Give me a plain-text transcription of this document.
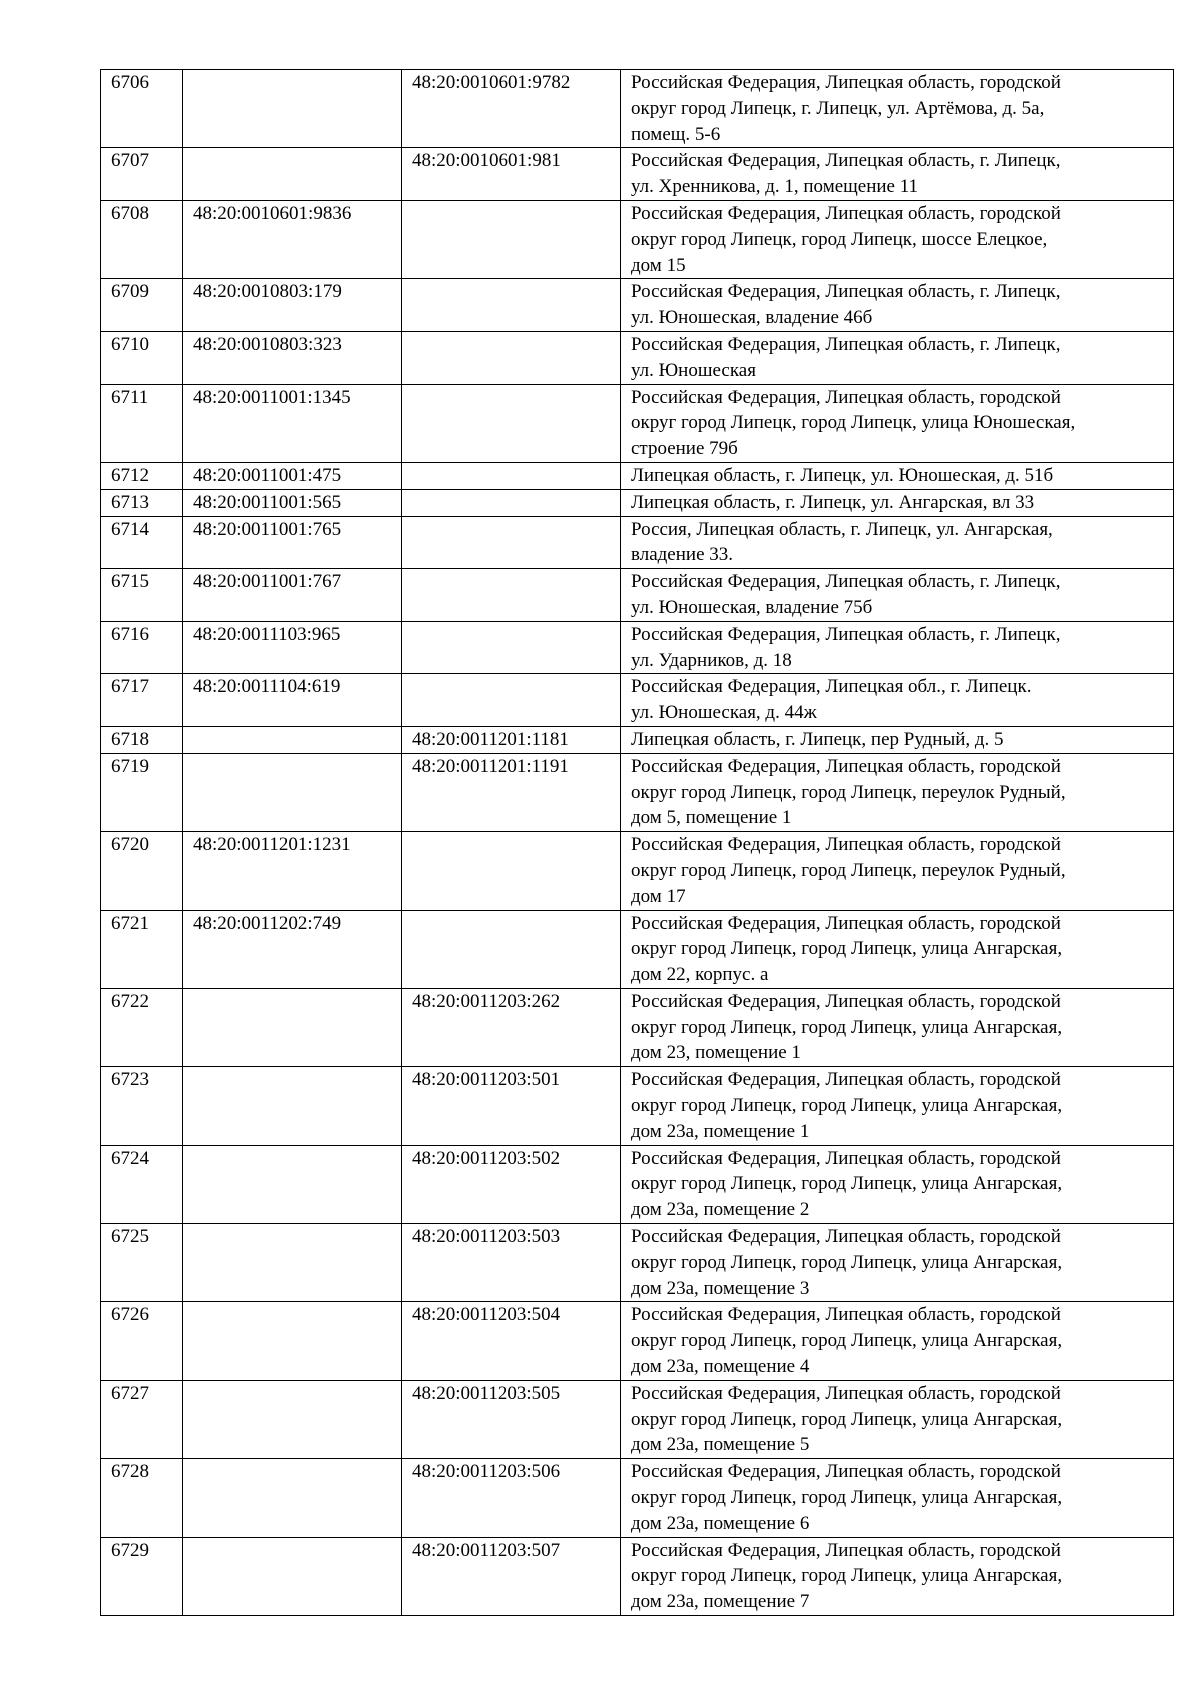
6706		48:20:0010601:9782	Российская Федерация, Липецкая область, городской
округ город Липецк, г. Липецк, ул. Артёмова, д. 5а,
помещ. 5-6
6707		48:20:0010601:981	Российская Федерация, Липецкая область, г. Липецк,
ул. Хренникова, д. 1, помещение 11
6708	48:20:0010601:9836		Российская Федерация, Липецкая область, городской
округ город Липецк, город Липецк, шоссе Елецкое,
дом 15
6709	48:20:0010803:179		Российская Федерация, Липецкая область, г. Липецк,
ул. Юношеская, владение 46б
6710	48:20:0010803:323		Российская Федерация, Липецкая область, г. Липецк,
ул. Юношеская
6711	48:20:0011001:1345		Российская Федерация, Липецкая область, городской
округ город Липецк, город Липецк, улица Юношеская,
строение 79б
6712	48:20:0011001:475		Липецкая область, г. Липецк, ул. Юношеская, д. 51б
6713	48:20:0011001:565		Липецкая область, г. Липецк, ул. Ангарская, вл 33
6714	48:20:0011001:765		Россия, Липецкая область, г. Липецк, ул. Ангарская,
владение 33.
6715	48:20:0011001:767		Российская Федерация, Липецкая область, г. Липецк,
ул. Юношеская, владение 75б
6716	48:20:0011103:965		Российская Федерация, Липецкая область, г. Липецк,
ул. Ударников, д. 18
6717	48:20:0011104:619		Российская Федерация, Липецкая обл., г. Липецк.
ул. Юношеская, д. 44ж
6718		48:20:0011201:1181	Липецкая область, г. Липецк, пер Рудный, д. 5
6719		48:20:0011201:1191	Российская Федерация, Липецкая область, городской
округ город Липецк, город Липецк, переулок Рудный,
дом 5, помещение 1
6720	48:20:0011201:1231		Российская Федерация, Липецкая область, городской
округ город Липецк, город Липецк, переулок Рудный,
дом 17
6721	48:20:0011202:749		Российская Федерация, Липецкая область, городской
округ город Липецк, город Липецк, улица Ангарская,
дом 22, корпус. а
6722		48:20:0011203:262	Российская Федерация, Липецкая область, городской
округ город Липецк, город Липецк, улица Ангарская,
дом 23, помещение 1
6723		48:20:0011203:501	Российская Федерация, Липецкая область, городской
округ город Липецк, город Липецк, улица Ангарская,
дом 23а, помещение 1
6724		48:20:0011203:502	Российская Федерация, Липецкая область, городской
округ город Липецк, город Липецк, улица Ангарская,
дом 23а, помещение 2
6725		48:20:0011203:503	Российская Федерация, Липецкая область, городской
округ город Липецк, город Липецк, улица Ангарская,
дом 23а, помещение 3
6726		48:20:0011203:504	Российская Федерация, Липецкая область, городской
округ город Липецк, город Липецк, улица Ангарская,
дом 23а, помещение 4
6727		48:20:0011203:505	Российская Федерация, Липецкая область, городской
округ город Липецк, город Липецк, улица Ангарская,
дом 23а, помещение 5
6728		48:20:0011203:506	Российская Федерация, Липецкая область, городской
округ город Липецк, город Липецк, улица Ангарская,
дом 23а, помещение 6
6729		48:20:0011203:507	Российская Федерация, Липецкая область, городской
округ город Липецк, город Липецк, улица Ангарская,
дом 23а, помещение 7
